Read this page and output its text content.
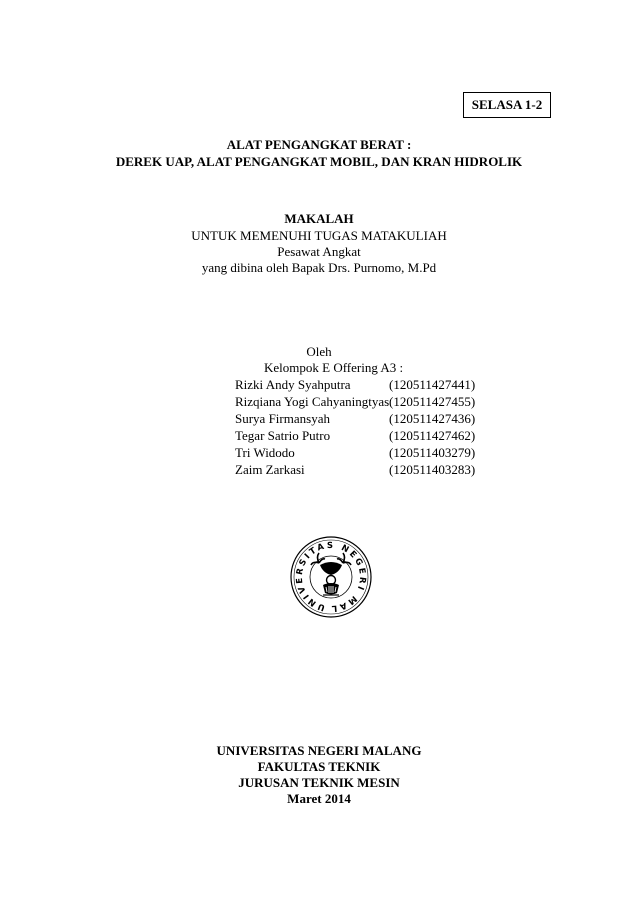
SELASA 1-2
ALAT PENGANGKAT BERAT :
DEREK UAP, ALAT PENGANGKAT MOBIL, DAN KRAN HIDROLIK
MAKALAH
UNTUK MEMENUHI TUGAS MATAKULIAH
Pesawat Angkat
yang dibina oleh Bapak Drs. Purnomo, M.Pd
Oleh
Kelompok E Offering A3 :
Rizki Andy Syahputra	(120511427441)
Rizqiana Yogi Cahyaningtyas (120511427455)
Surya Firmansyah	(120511427436)
Tegar Satrio Putro	(120511427462)
Tri Widodo	(120511403279)
Zaim Zarkasi	(120511403283)
UNIVERSITAS NEGERI MAL
UNIVERSITAS NEGERI MALANG
FAKULTAS TEKNIK
JURUSAN TEKNIK MESIN
Maret 2014
